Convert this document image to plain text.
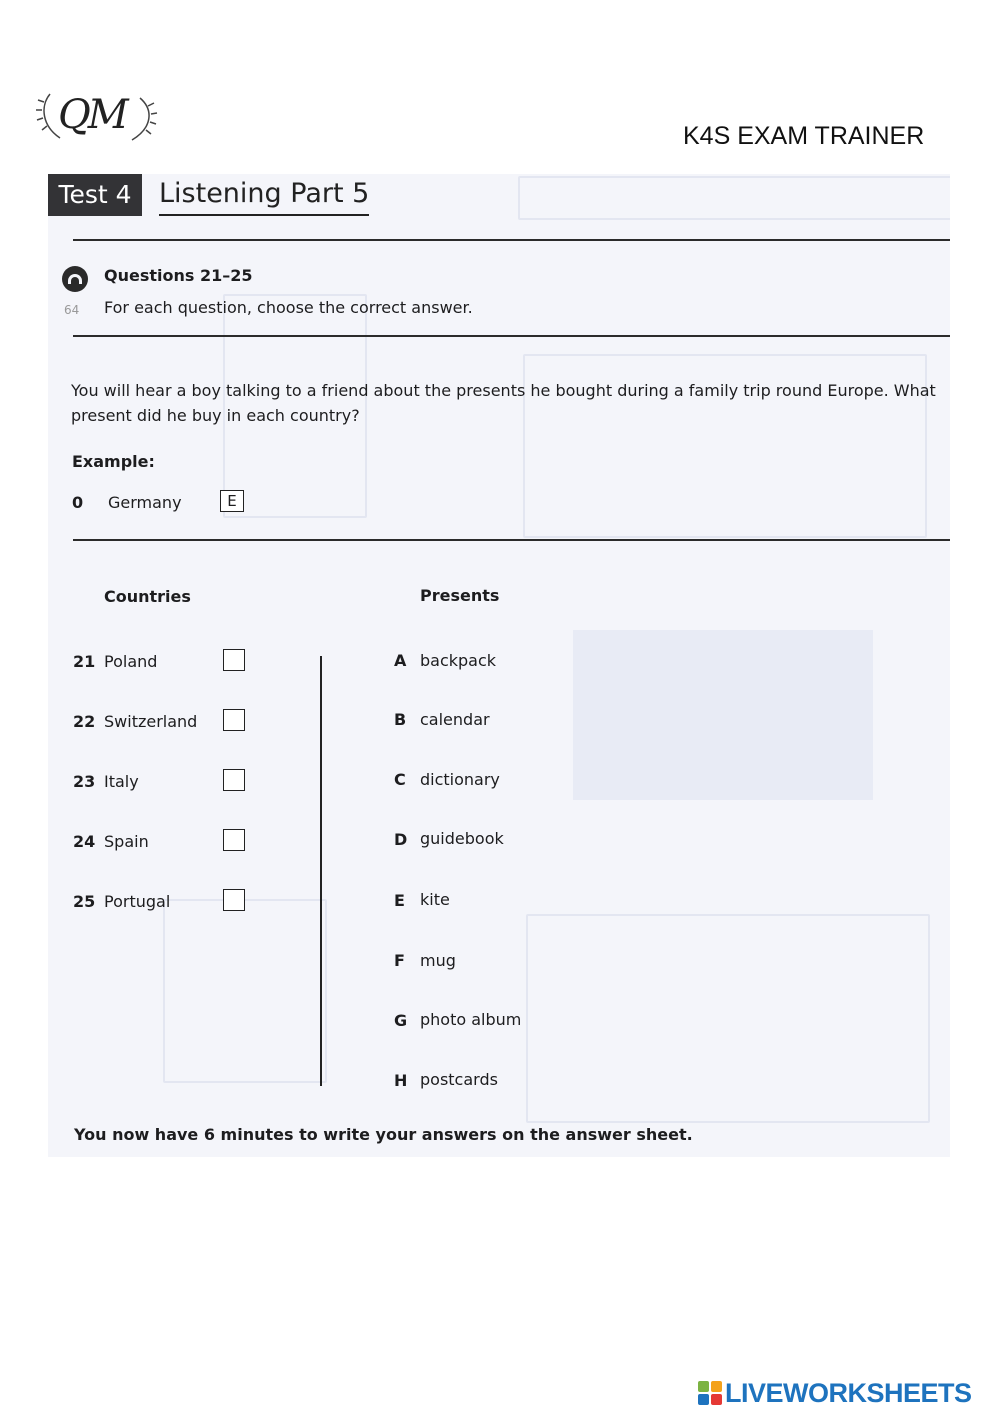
QM	K4S EXAM TRAINER
Test 4	Listening Part 5
64
Questions 21–25
For each question, choose the correct answer.
You will hear a boy talking to a friend about the presents he bought during a family trip round Europe. What present did he buy in each country?
Example:
0 Germany	E
Countries	Presents
21 Poland
22 Switzerland
23 Italy
24 Spain
25 Portugal
A backpack
B calendar
C dictionary
D guidebook
E kite
F mug
G photo album
H postcards
You now have 6 minutes to write your answers on the answer sheet.
LIVEWORKSHEETS
